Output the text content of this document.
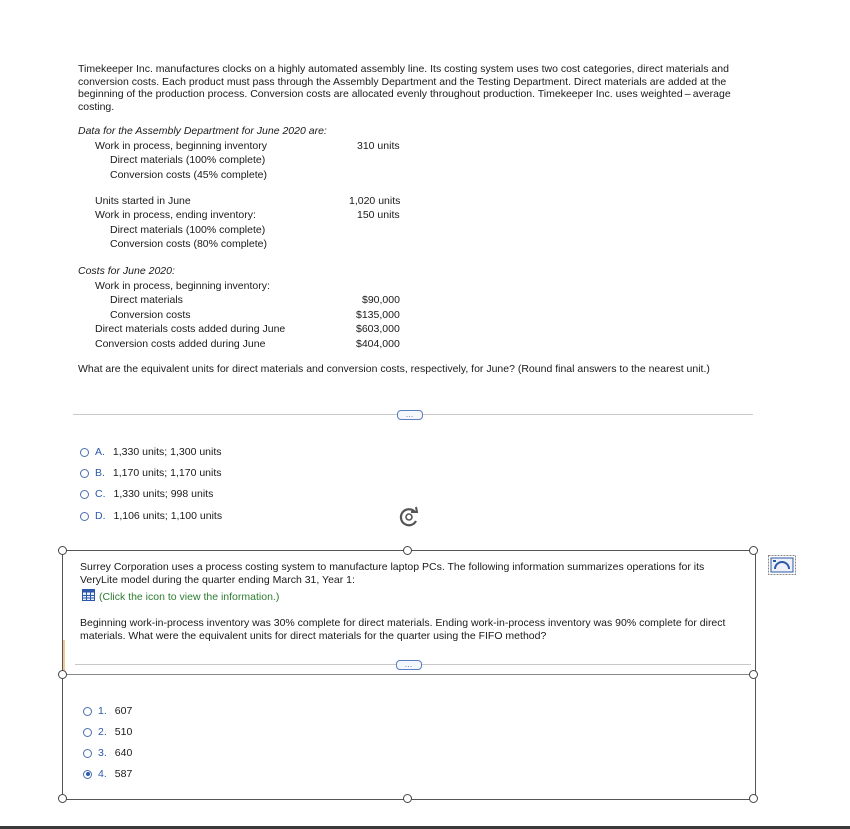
Timekeeper Inc. manufactures clocks on a highly automated assembly line. Its costing system uses two cost categories, direct materials and conversion costs. Each product must pass through the Assembly Department and the Testing Department. Direct materials are added at the beginning of the production process. Conversion costs are allocated evenly throughout production. Timekeeper Inc. uses weighted – average costing.
Data for the Assembly Department for June 2020 are:
Work in process, beginning inventory	310 units
Direct materials (100% complete)
Conversion costs (45% complete)
Units started in June	1,020 units
Work in process, ending inventory:	150 units
Direct materials (100% complete)
Conversion costs (80% complete)
Costs for June 2020:
Work in process, beginning inventory:
Direct materials	$90,000
Conversion costs	$135,000
Direct materials costs added during June	$603,000
Conversion costs added during June	$404,000
What are the equivalent units for direct materials and conversion costs, respectively, for June? (Round final answers to the nearest unit.)
…
A. 1,330 units; 1,300 units
B. 1,170 units; 1,170 units
C. 1,330 units; 998 units
D. 1,106 units; 1,100 units
Surrey Corporation uses a process costing system to manufacture laptop PCs. The following information summarizes operations for its VeryLite model during the quarter ending March 31, Year 1:
(Click the icon to view the information.)
Beginning work-in-process inventory was 30% complete for direct materials. Ending work-in-process inventory was 90% complete for direct materials. What were the equivalent units for direct materials for the quarter using the FIFO method?
…
1. 607
2. 510
3. 640
4. 587
